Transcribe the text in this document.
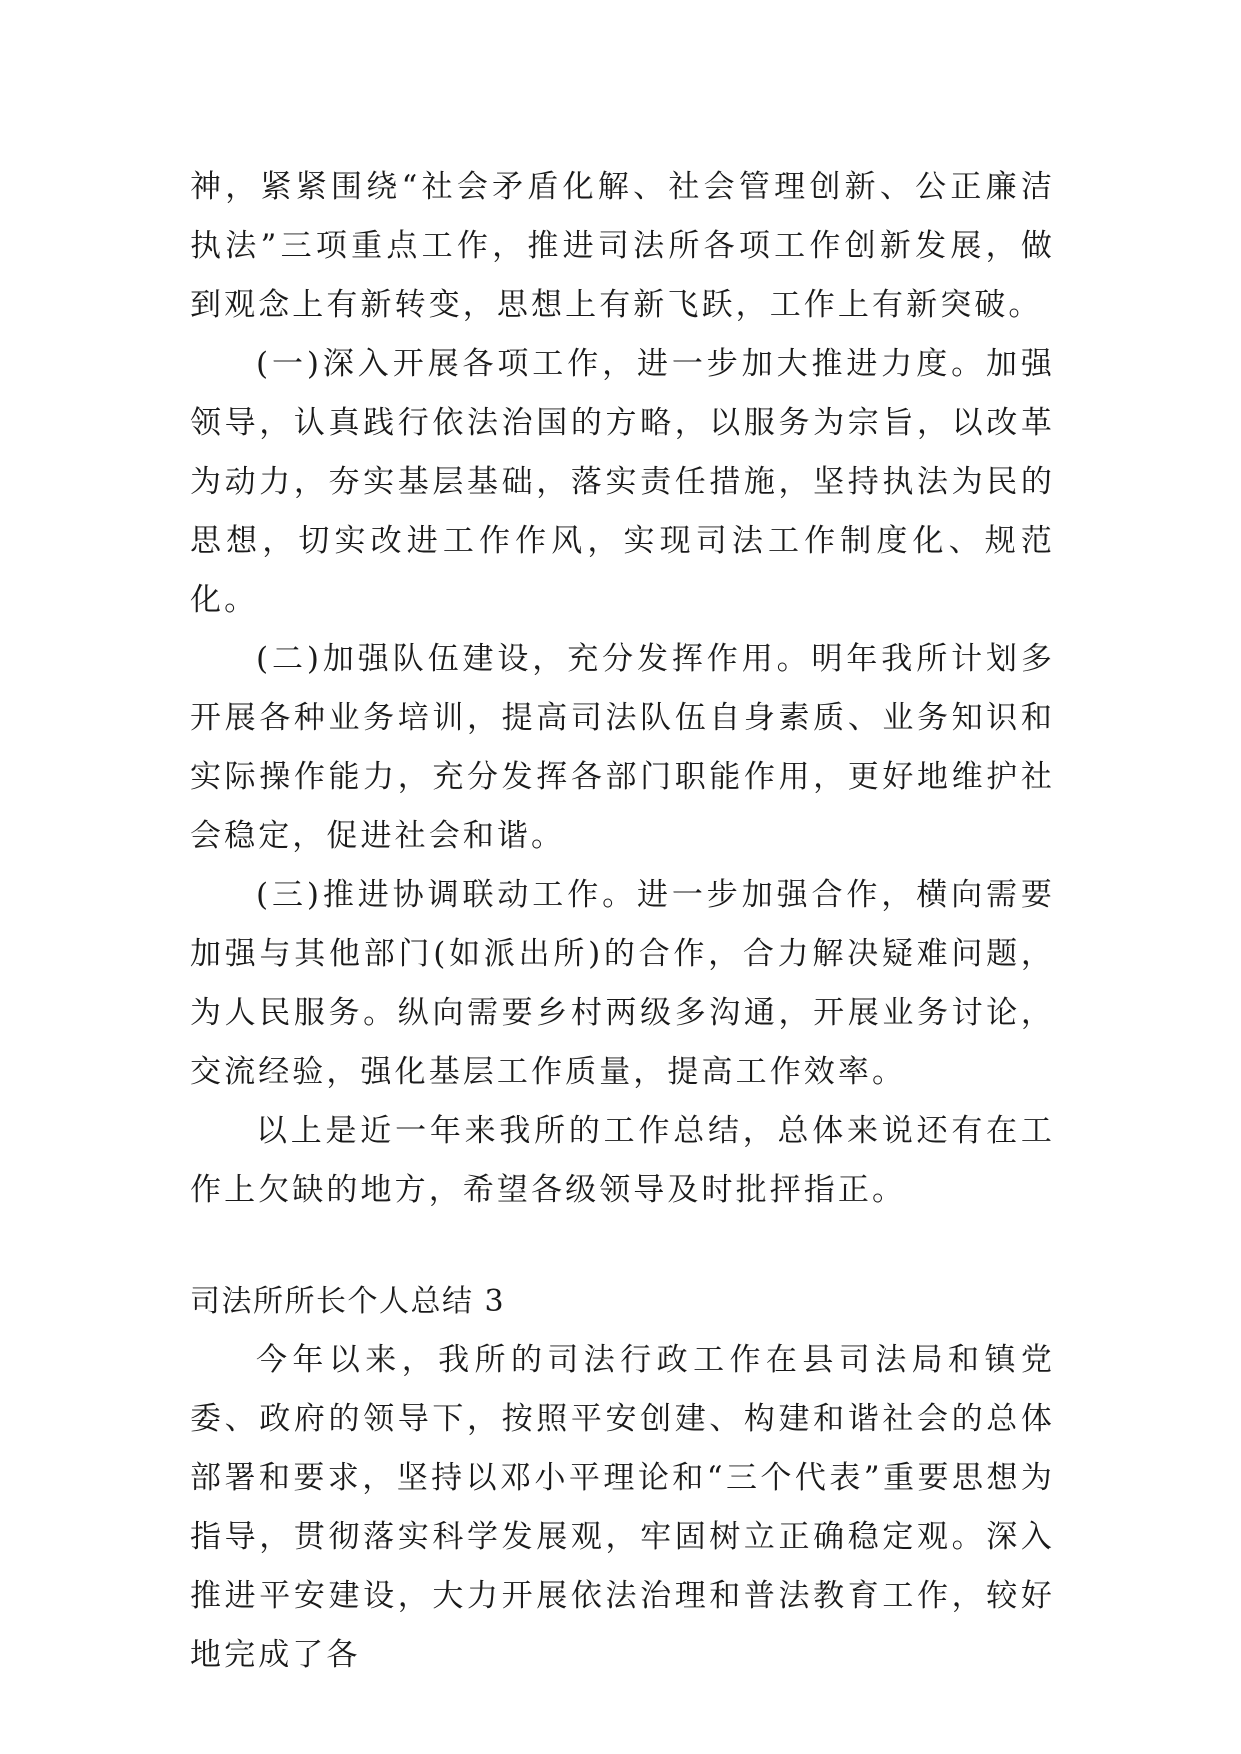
神，紧紧围绕“社会矛盾化解、社会管理创新、公正廉洁执法”三项重点工作，推进司法所各项工作创新发展，做到观念上有新转变，思想上有新飞跃，工作上有新突破。

(一)深入开展各项工作，进一步加大推进力度。加强领导，认真践行依法治国的方略，以服务为宗旨，以改革为动力，夯实基层基础，落实责任措施，坚持执法为民的思想，切实改进工作作风，实现司法工作制度化、规范化。

(二)加强队伍建设，充分发挥作用。明年我所计划多开展各种业务培训，提高司法队伍自身素质、业务知识和实际操作能力，充分发挥各部门职能作用，更好地维护社会稳定，促进社会和谐。

(三)推进协调联动工作。进一步加强合作，横向需要加强与其他部门(如派出所)的合作，合力解决疑难问题，为人民服务。纵向需要乡村两级多沟通，开展业务讨论，交流经验，强化基层工作质量，提高工作效率。

以上是近一年来我所的工作总结，总体来说还有在工作上欠缺的地方，希望各级领导及时批抨指正。

司法所所长个人总结 3

今年以来，我所的司法行政工作在县司法局和镇党委、政府的领导下，按照平安创建、构建和谐社会的总体部署和要求，坚持以邓小平理论和“三个代表”重要思想为指导，贯彻落实科学发展观，牢固树立正确稳定观。深入推进平安建设，大力开展依法治理和普法教育工作，较好地完成了各
